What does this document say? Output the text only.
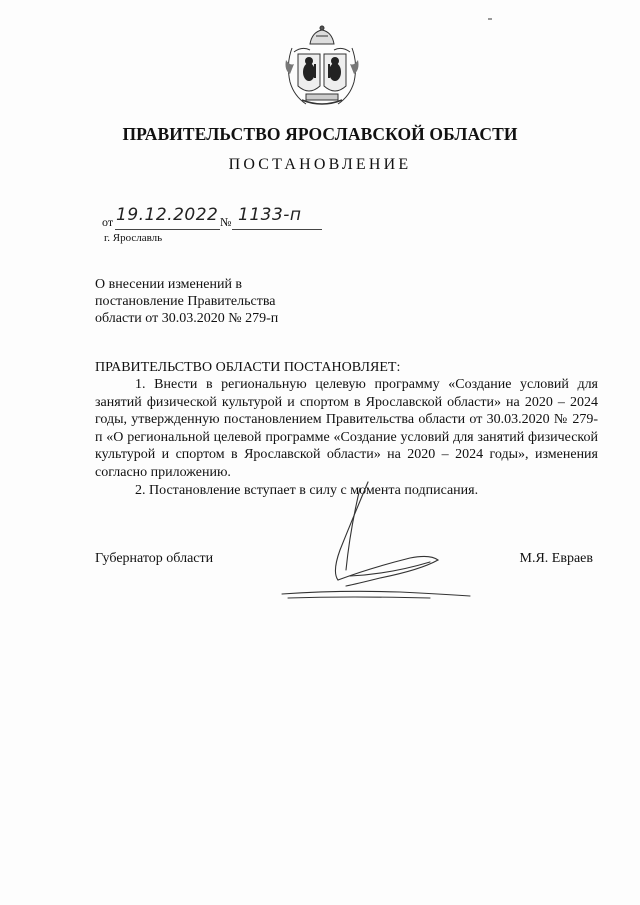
ПРАВИТЕЛЬСТВО ЯРОСЛАВСКОЙ ОБЛАСТИ
ПОСТАНОВЛЕНИЕ
от 19.12.2022 № 1133-п
г. Ярославль
О внесении изменений в
постановление Правительства
области от 30.03.2020 № 279-п
ПРАВИТЕЛЬСТВО ОБЛАСТИ ПОСТАНОВЛЯЕТ:
1. Внести в региональную целевую программу «Создание условий для занятий физической культурой и спортом в Ярославской области» на 2020 – 2024 годы, утвержденную постановлением Правительства области от 30.03.2020 № 279-п «О региональной целевой программе «Создание условий для занятий физической культурой и спортом в Ярославской области» на 2020 – 2024 годы», изменения согласно приложению.
2. Постановление вступает в силу с момента подписания.
Губернатор области	М.Я. Евраев
